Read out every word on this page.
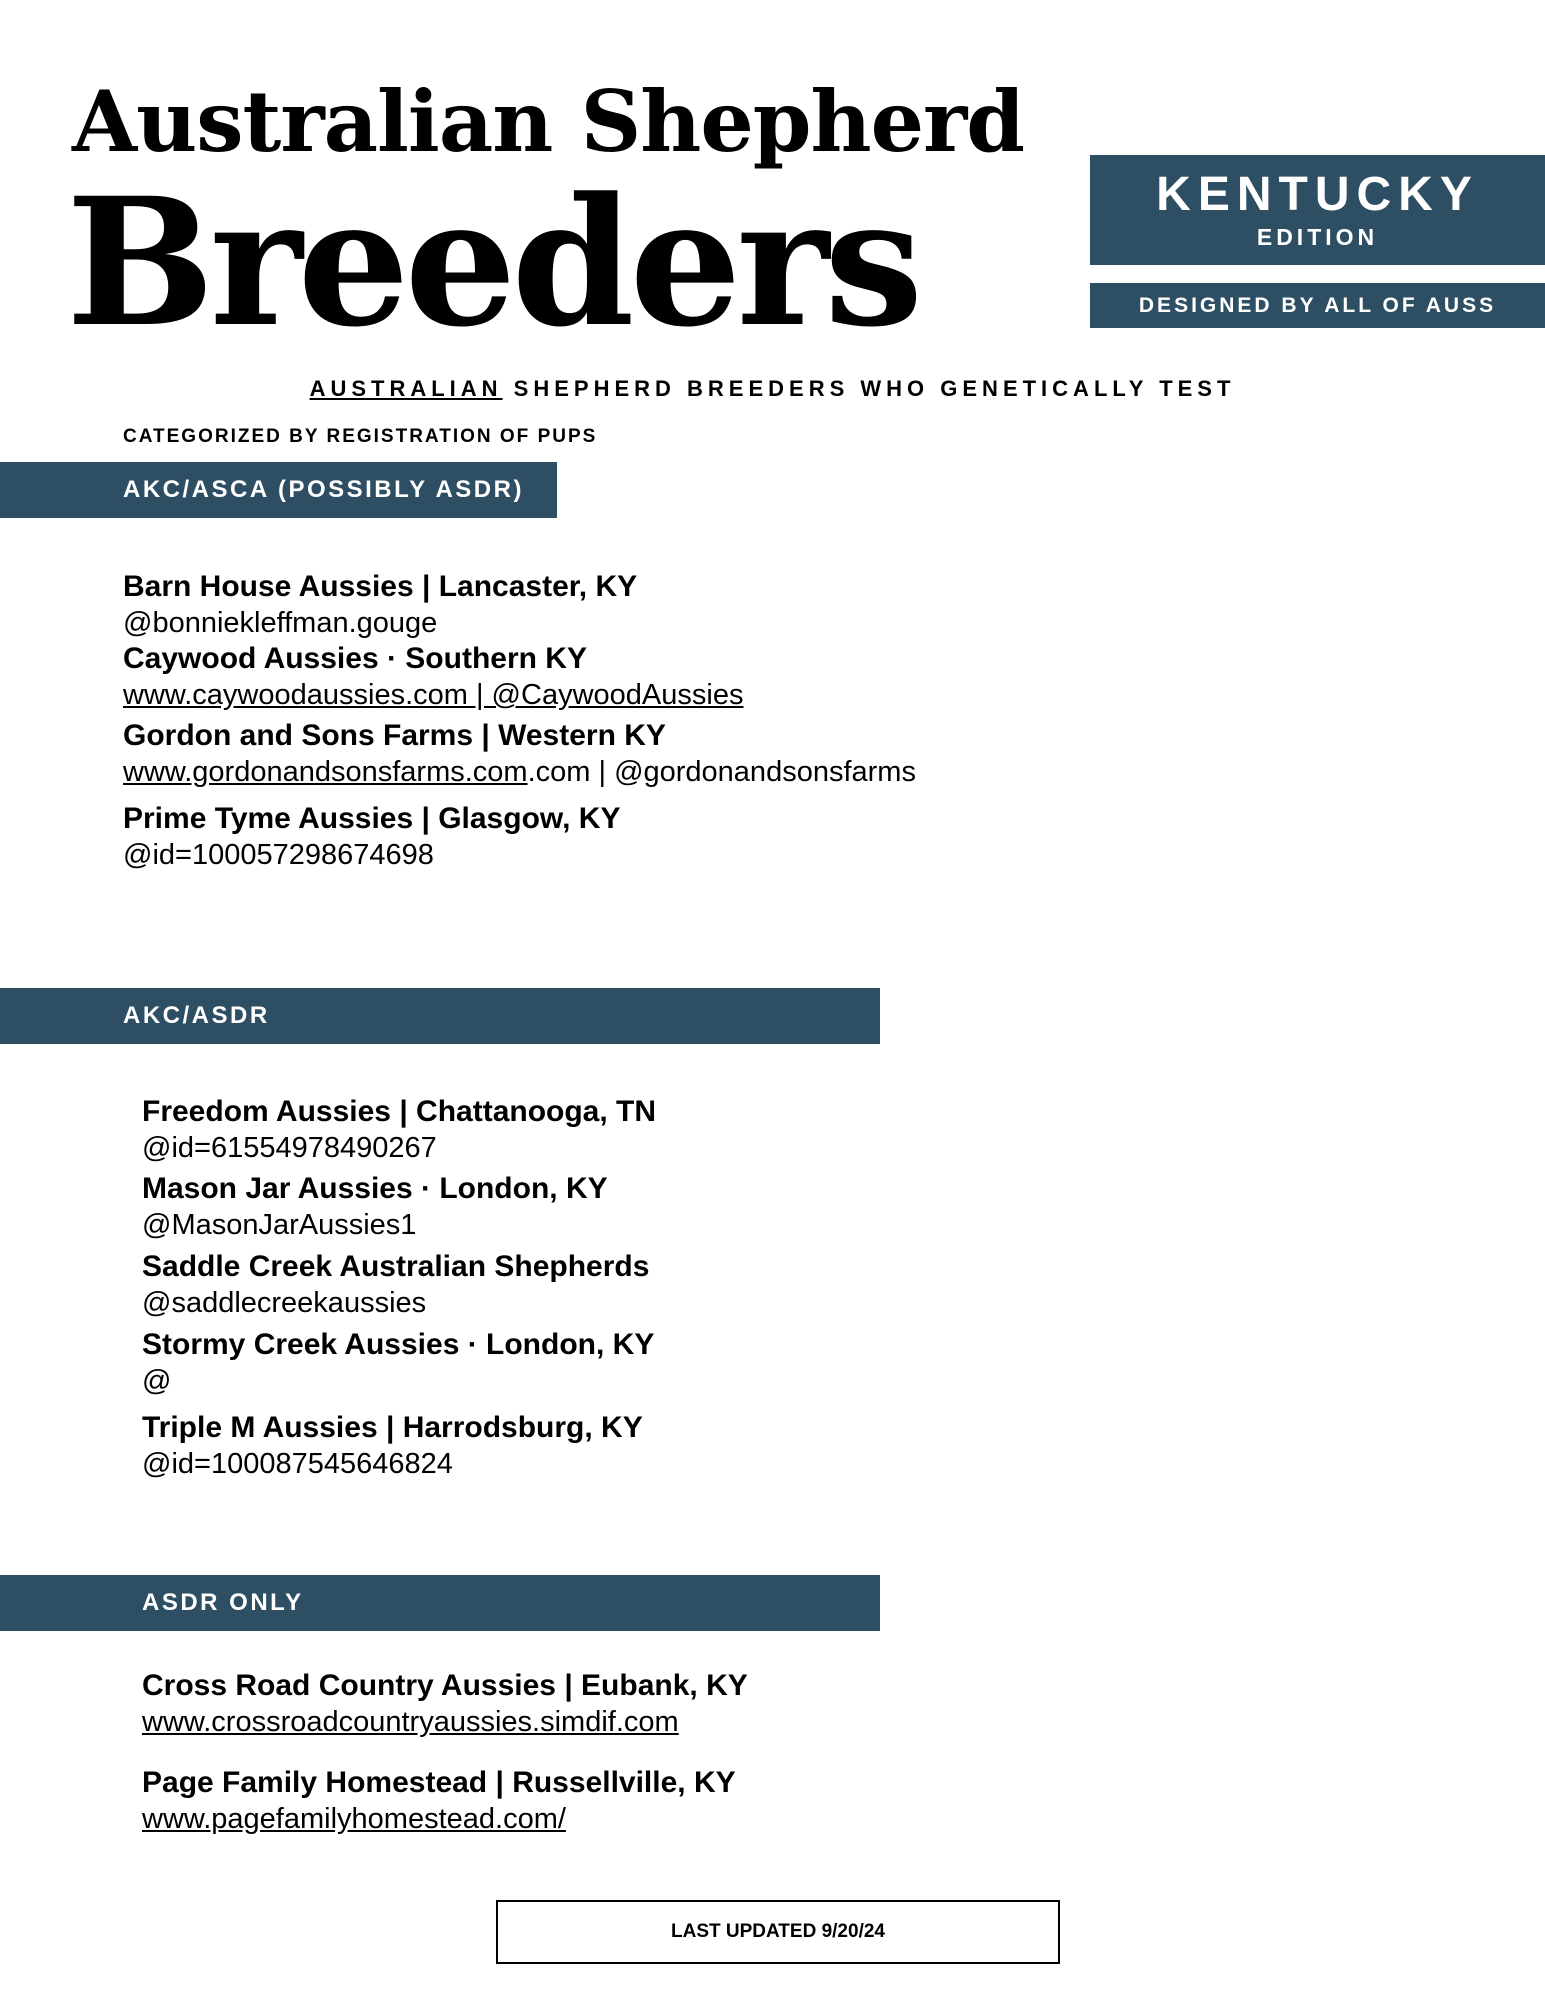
Australian Shepherd
Breeders	KENTUCKY
EDITION
DESIGNED BY ALL OF AUSS
AUSTRALIAN SHEPHERD BREEDERS WHO GENETICALLY TEST
CATEGORIZED BY REGISTRATION OF PUPS
AKC/ASCA (POSSIBLY ASDR)
Barn House Aussies | Lancaster, KY
@bonniekleffman.gouge
Caywood Aussies · Southern KY
www.caywoodaussies.com | @CaywoodAussies
Gordon and Sons Farms | Western KY
www.gordonandsonsfarms.com.com | @gordonandsonsfarms
Prime Tyme Aussies | Glasgow, KY
@id=100057298674698
AKC/ASDR
Freedom Aussies | Chattanooga, TN
@id=61554978490267
Mason Jar Aussies · London, KY
@MasonJarAussies1
Saddle Creek Australian Shepherds
@saddlecreekaussies
Stormy Creek Aussies · London, KY
@
Triple M Aussies | Harrodsburg, KY
@id=100087545646824
ASDR ONLY
Cross Road Country Aussies | Eubank, KY
www.crossroadcountryaussies.simdif.com
Page Family Homestead | Russellville, KY
www.pagefamilyhomestead.com/
LAST UPDATED 9/20/24
